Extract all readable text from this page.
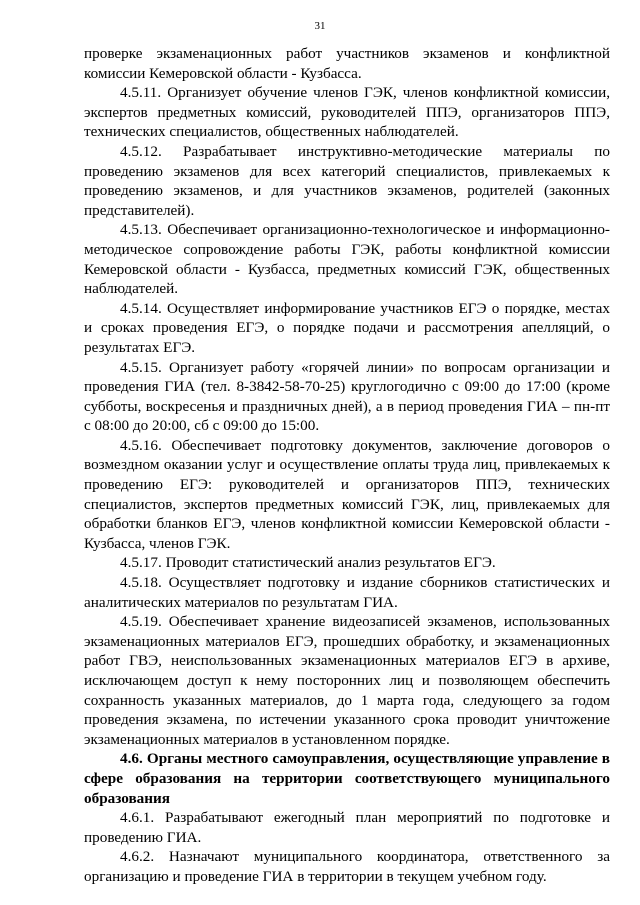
31

проверке экзаменационных работ участников экзаменов и конфликтной комиссии Кемеровской области - Кузбасса.

4.5.11. Организует обучение членов ГЭК, членов конфликтной комиссии, экспертов предметных комиссий, руководителей ППЭ, организаторов ППЭ, технических специалистов, общественных наблюдателей.

4.5.12. Разрабатывает инструктивно-методические материалы по проведению экзаменов для всех категорий специалистов, привлекаемых к проведению экзаменов, и для участников экзаменов, родителей (законных представителей).

4.5.13. Обеспечивает организационно-технологическое и информационно-методическое сопровождение работы ГЭК, работы конфликтной комиссии Кемеровской области - Кузбасса, предметных комиссий ГЭК, общественных наблюдателей.

4.5.14. Осуществляет информирование участников ЕГЭ о порядке, местах и сроках проведения ЕГЭ, о порядке подачи и рассмотрения апелляций, о результатах ЕГЭ.

4.5.15. Организует работу «горячей линии» по вопросам организации и проведения ГИА (тел. 8-3842-58-70-25) круглогодично с 09:00 до 17:00 (кроме субботы, воскресенья и праздничных дней), а в период проведения ГИА – пн-пт с 08:00 до 20:00, сб с 09:00 до 15:00.

4.5.16. Обеспечивает подготовку документов, заключение договоров о возмездном оказании услуг и осуществление оплаты труда лиц, привлекаемых к проведению ЕГЭ: руководителей и организаторов ППЭ, технических специалистов, экспертов предметных комиссий ГЭК, лиц, привлекаемых для обработки бланков ЕГЭ, членов конфликтной комиссии Кемеровской области - Кузбасса, членов ГЭК.

4.5.17. Проводит статистический анализ результатов ЕГЭ.

4.5.18. Осуществляет подготовку и издание сборников статистических и аналитических материалов по результатам ГИА.

4.5.19. Обеспечивает хранение видеозаписей экзаменов, использованных экзаменационных материалов ЕГЭ, прошедших обработку, и экзаменационных работ ГВЭ, неиспользованных экзаменационных материалов ЕГЭ в архиве, исключающем доступ к нему посторонних лиц и позволяющем обеспечить сохранность указанных материалов, до 1 марта года, следующего за годом проведения экзамена, по истечении указанного срока проводит уничтожение экзаменационных материалов в установленном порядке.

4.6. Органы местного самоуправления, осуществляющие управление в сфере образования на территории соответствующего муниципального образования

4.6.1. Разрабатывают ежегодный план мероприятий по подготовке и проведению ГИА.

4.6.2. Назначают муниципального координатора, ответственного за организацию и проведение ГИА в территории в текущем учебном году.
